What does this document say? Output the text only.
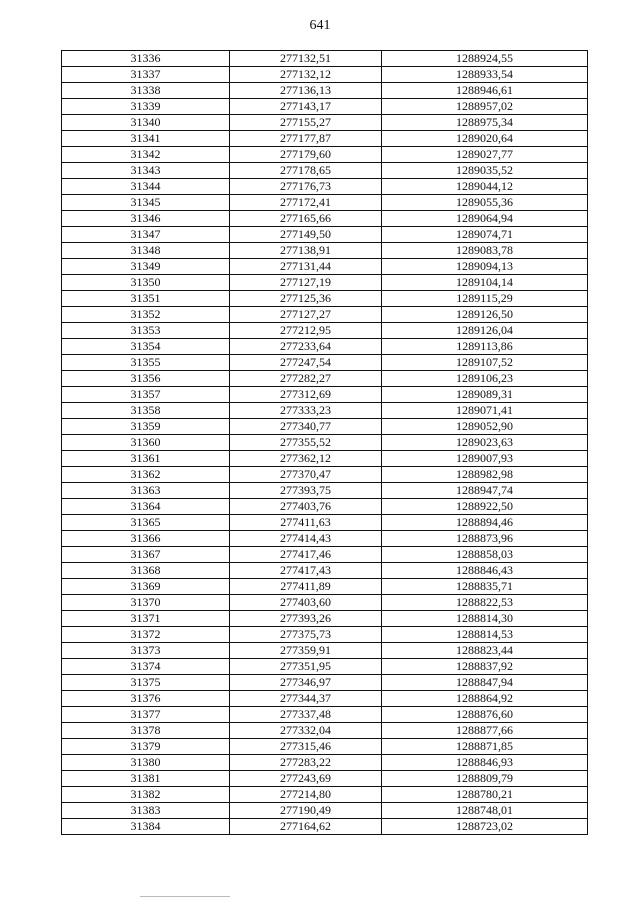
641
31336	277132,51	1288924,55
31337	277132,12	1288933,54
31338	277136,13	1288946,61
31339	277143,17	1288957,02
31340	277155,27	1288975,34
31341	277177,87	1289020,64
31342	277179,60	1289027,77
31343	277178,65	1289035,52
31344	277176,73	1289044,12
31345	277172,41	1289055,36
31346	277165,66	1289064,94
31347	277149,50	1289074,71
31348	277138,91	1289083,78
31349	277131,44	1289094,13
31350	277127,19	1289104,14
31351	277125,36	1289115,29
31352	277127,27	1289126,50
31353	277212,95	1289126,04
31354	277233,64	1289113,86
31355	277247,54	1289107,52
31356	277282,27	1289106,23
31357	277312,69	1289089,31
31358	277333,23	1289071,41
31359	277340,77	1289052,90
31360	277355,52	1289023,63
31361	277362,12	1289007,93
31362	277370,47	1288982,98
31363	277393,75	1288947,74
31364	277403,76	1288922,50
31365	277411,63	1288894,46
31366	277414,43	1288873,96
31367	277417,46	1288858,03
31368	277417,43	1288846,43
31369	277411,89	1288835,71
31370	277403,60	1288822,53
31371	277393,26	1288814,30
31372	277375,73	1288814,53
31373	277359,91	1288823,44
31374	277351,95	1288837,92
31375	277346,97	1288847,94
31376	277344,37	1288864,92
31377	277337,48	1288876,60
31378	277332,04	1288877,66
31379	277315,46	1288871,85
31380	277283,22	1288846,93
31381	277243,69	1288809,79
31382	277214,80	1288780,21
31383	277190,49	1288748,01
31384	277164,62	1288723,02
